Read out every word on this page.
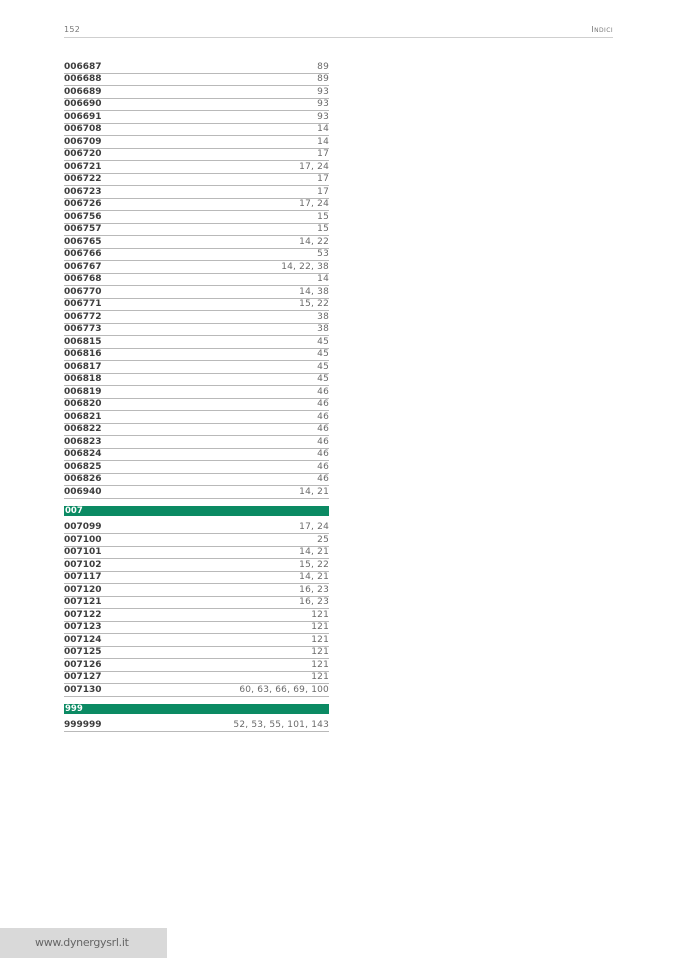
152	Indici
006687	89
006688	89
006689	93
006690	93
006691	93
006708	14
006709	14
006720	17
006721	17, 24
006722	17
006723	17
006726	17, 24
006756	15
006757	15
006765	14, 22
006766	53
006767	14, 22, 38
006768	14
006770	14, 38
006771	15, 22
006772	38
006773	38
006815	45
006816	45
006817	45
006818	45
006819	46
006820	46
006821	46
006822	46
006823	46
006824	46
006825	46
006826	46
006940	14, 21
007
007099	17, 24
007100	25
007101	14, 21
007102	15, 22
007117	14, 21
007120	16, 23
007121	16, 23
007122	121
007123	121
007124	121
007125	121
007126	121
007127	121
007130	60, 63, 66, 69, 100
999
999999	52, 53, 55, 101, 143
www.dynergysrl.it
